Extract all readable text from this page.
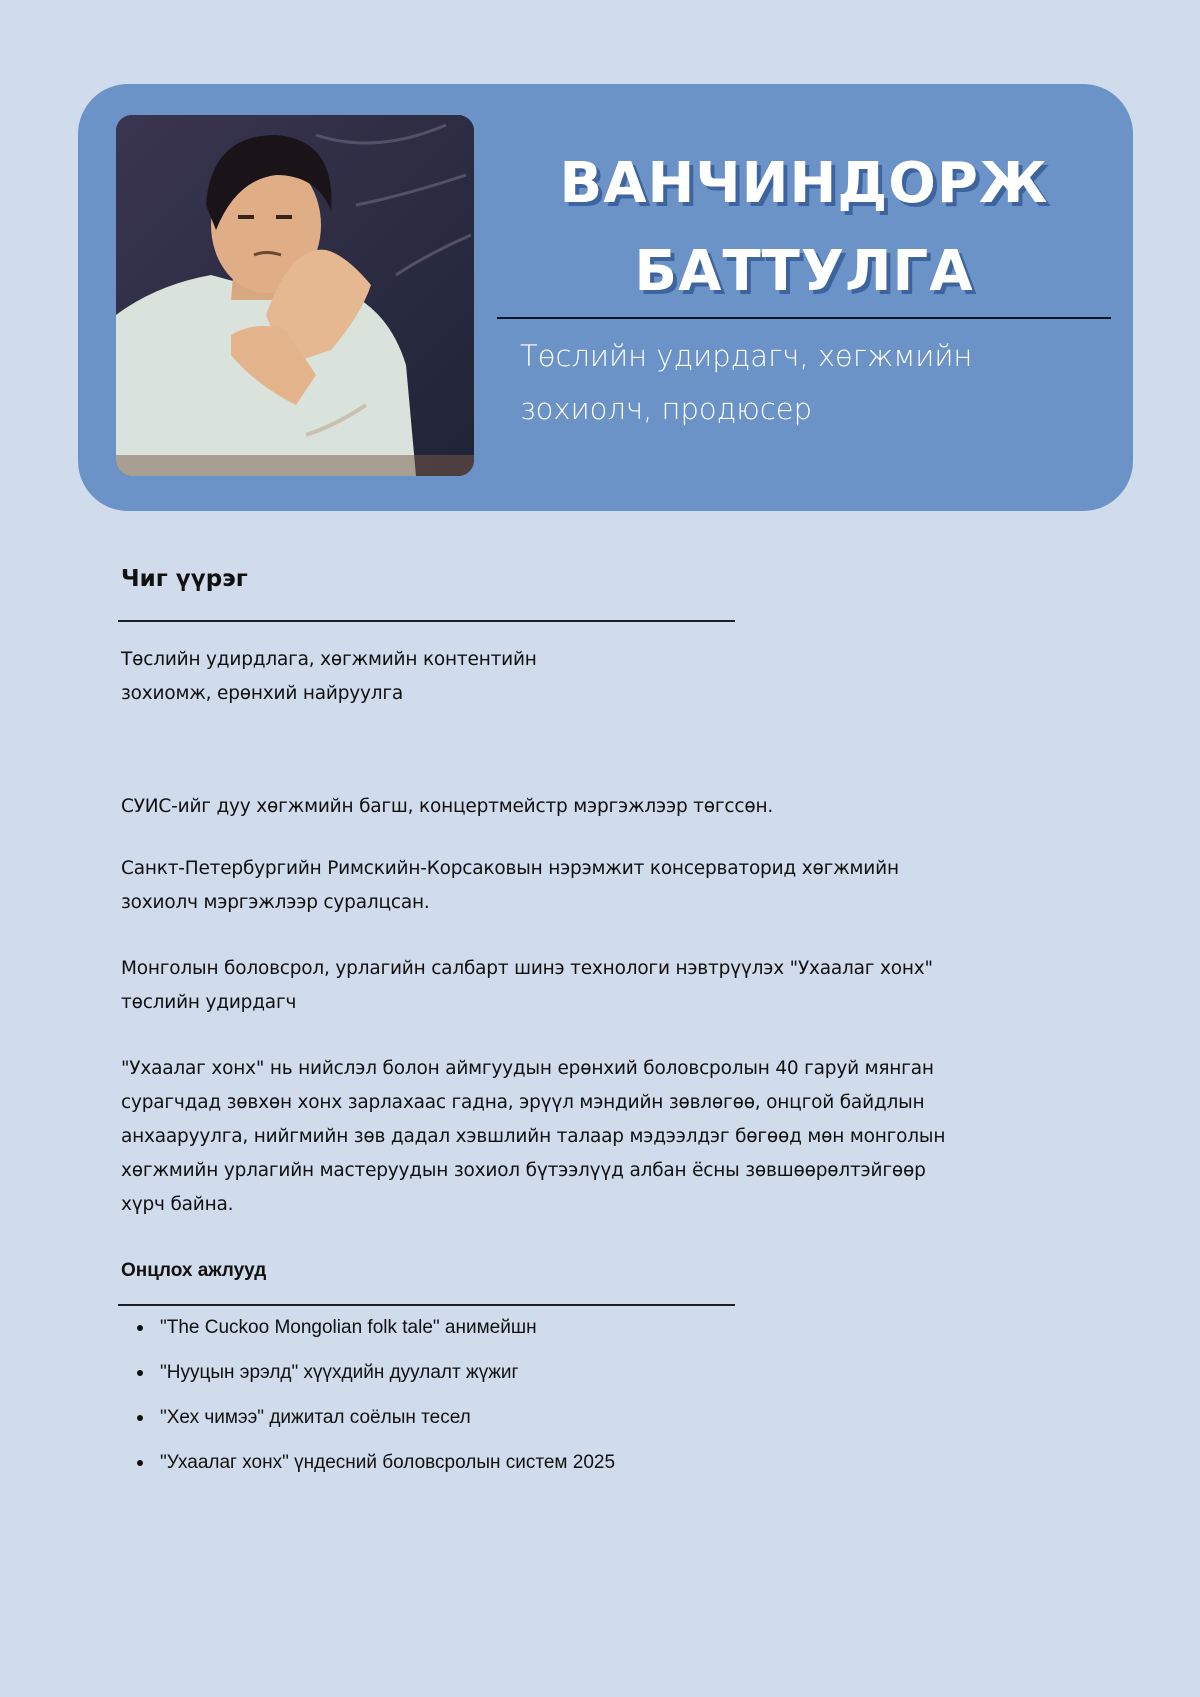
ВАНЧИНДОРЖ
БАТТУЛГА
Төслийн удирдагч, хөгжмийн
зохиолч, продюсер
Чиг үүрэг
Төслийн удирдлага, хөгжмийн контентийн
зохиомж, ерөнхий найруулга
СУИС-ийг дуу хөгжмийн багш, концертмейстр мэргэжлээр төгссөн.
Санкт-Петербургийн Римскийн-Корсаковын нэрэмжит консерваторид хөгжмийн
зохиолч мэргэжлээр суралцсан.
Монголын боловсрол, урлагийн салбарт шинэ технологи нэвтрүүлэх "Ухаалаг хонх"
төслийн удирдагч
"Ухаалаг хонх" нь нийслэл болон аймгуудын ерөнхий боловсролын 40 гаруй мянган
сурагчдад зөвхөн хонх зарлахаас гадна, эрүүл мэндийн зөвлөгөө, онцгой байдлын
анхааруулга, нийгмийн зөв дадал хэвшлийн талаар мэдээлдэг бөгөөд мөн монголын
хөгжмийн урлагийн мастеруудын зохиол бүтээлүүд албан ёсны зөвшөөрөлтэйгөөр
хүрч байна.
Онцлох ажлууд
"The Cuckoo Mongolian folk tale" анимейшн
"Нууцын эрэлд" хүүхдийн дуулалт жүжиг
"Хех чимээ" дижитал соёлын тесел
"Ухаалаг хонх" үндесний боловсролын систем 2025
